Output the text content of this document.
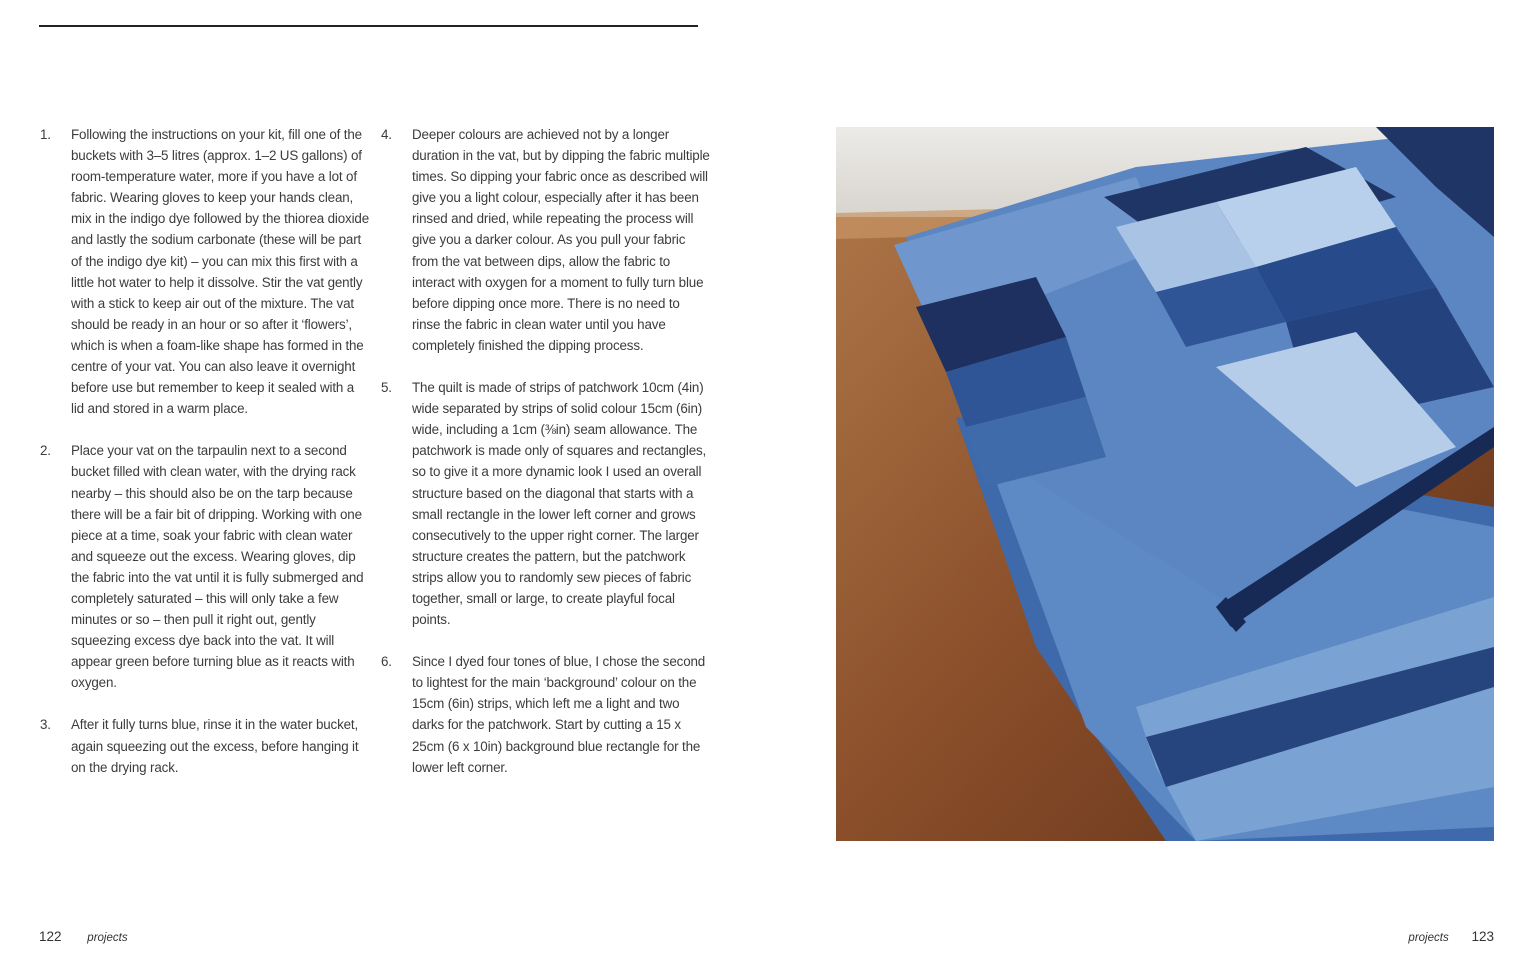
1. Following the instructions on your kit, fill one of the buckets with 3–5 litres (approx. 1–2 US gallons) of room-temperature water, more if you have a lot of fabric. Wearing gloves to keep your hands clean, mix in the indigo dye followed by the thiorea dioxide and lastly the sodium carbonate (these will be part of the indigo dye kit) – you can mix this first with a little hot water to help it dissolve. Stir the vat gently with a stick to keep air out of the mixture. The vat should be ready in an hour or so after it ‘flowers’, which is when a foam-like shape has formed in the centre of your vat. You can also leave it overnight before use but remember to keep it sealed with a lid and stored in a warm place.
2. Place your vat on the tarpaulin next to a second bucket filled with clean water, with the drying rack nearby – this should also be on the tarp because there will be a fair bit of dripping. Working with one piece at a time, soak your fabric with clean water and squeeze out the excess. Wearing gloves, dip the fabric into the vat until it is fully submerged and completely saturated – this will only take a few minutes or so – then pull it right out, gently squeezing excess dye back into the vat. It will appear green before turning blue as it reacts with oxygen.
3. After it fully turns blue, rinse it in the water bucket, again squeezing out the excess, before hanging it on the drying rack.
4. Deeper colours are achieved not by a longer duration in the vat, but by dipping the fabric multiple times. So dipping your fabric once as described will give you a light colour, especially after it has been rinsed and dried, while repeating the process will give you a darker colour. As you pull your fabric from the vat between dips, allow the fabric to interact with oxygen for a moment to fully turn blue before dipping once more. There is no need to rinse the fabric in clean water until you have completely finished the dipping process.
5. The quilt is made of strips of patchwork 10cm (4in) wide separated by strips of solid colour 15cm (6in) wide, including a 1cm (⅜in) seam allowance. The patchwork is made only of squares and rectangles, so to give it a more dynamic look I used an overall structure based on the diagonal that starts with a small rectangle in the lower left corner and grows consecutively to the upper right corner. The larger structure creates the pattern, but the patchwork strips allow you to randomly sew pieces of fabric together, small or large, to create playful focal points.
6. Since I dyed four tones of blue, I chose the second to lightest for the main ‘background’ colour on the 15cm (6in) strips, which left me a light and two darks for the patchwork. Start by cutting a 15 x 25cm (6 x 10in) background blue rectangle for the lower left corner.
122 projects	projects 123
